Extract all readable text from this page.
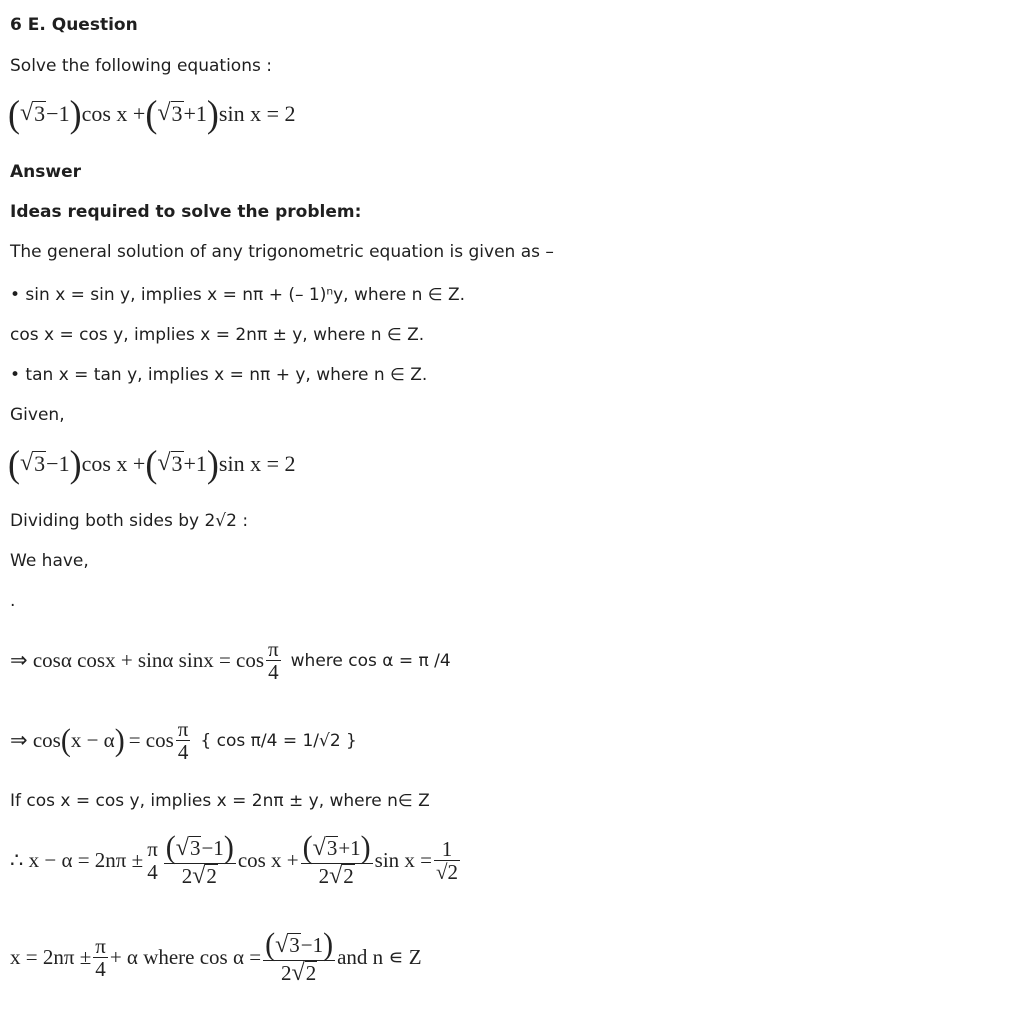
6 E. Question
Solve the following equations :
( √ 3 −1 ) cos x + ( √ 3 +1 ) sin x = 2
Answer
Ideas required to solve the problem:
The general solution of any trigonometric equation is given as –
• sin x = sin y, implies x = nπ + (– 1)ⁿy, where n ∈ Z.
cos x = cos y, implies x = 2nπ ± y, where n ∈ Z.
• tan x = tan y, implies x = nπ + y, where n ∈ Z.
Given,
( √ 3 −1 ) cos x + ( √ 3 +1 ) sin x = 2
Dividing both sides by 2√2 :
We have,
.
⇒ cosα cosx + sinα $\sin x = \cos \frac{\pi}{4}$ where cos α = π /4
⇒ cos ( x − α ) = $\cos \frac{\pi}{4}$ { cos π/4 = 1/√2 }
If cos x = cos y, implies x = 2nπ ± y, where n∈ Z
∴ $x - \alpha = 2n\pi \pm \frac{\pi}{4} \frac{( √ 3 -1 )}{2 √ 2}$ $\cos x + \frac{( √ 3 +1 )}{2 √ 2}$ $\sin x = \frac{1}{√2}$
$x = 2n\pi \pm \frac{\pi}{4} + \alpha$ where $\cos \alpha = \frac{( √ 3 -1 )}{2 √ 2}$ and n ∊ Z
